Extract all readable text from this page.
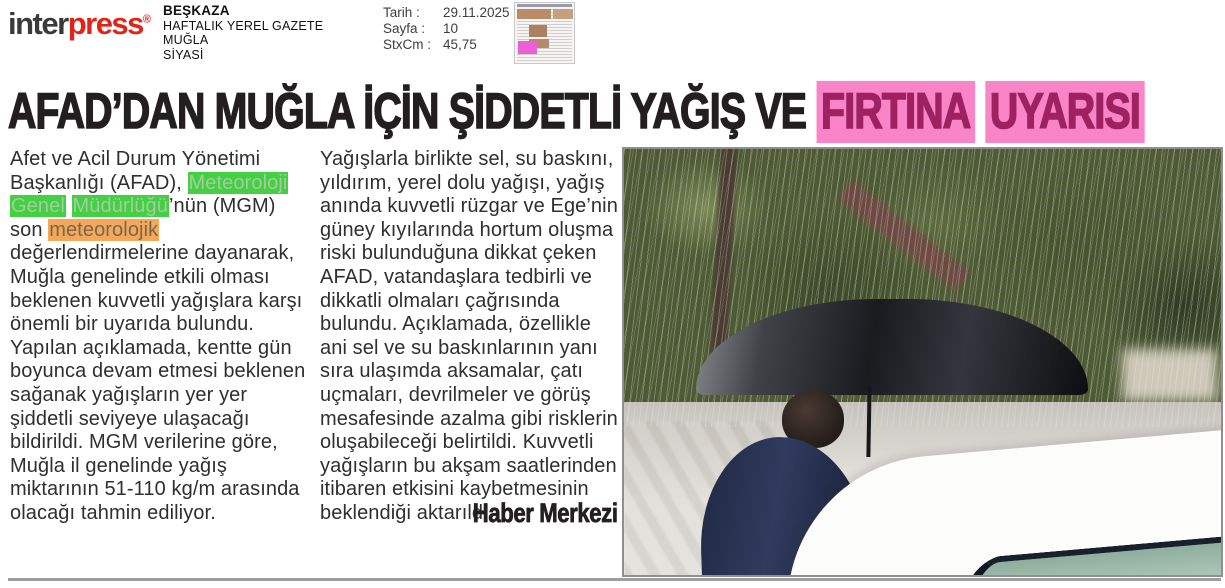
interpress®
BEŞKAZA
HAFTALIK YEREL GAZETE
MUĞLA
SİYASİ
Tarih :	29.11.2025
Sayfa :	10
StxCm : 45,75
AFAD’DAN MUĞLA İÇİN ŞİDDETLİ YAĞIŞ VE FIRTINA UYARISI
Afet ve Acil Durum Yönetimi Başkanlığı (AFAD), Meteoroloji Genel Müdürlüğü’nün (MGM) son meteorolojik değerlendirmelerine dayanarak, Muğla genelinde etkili olması beklenen kuvvetli yağışlara karşı önemli bir uyarıda bulundu.
Yapılan açıklamada, kentte gün boyunca devam etmesi beklenen sağanak yağışların yer yer şiddetli seviyeye ulaşacağı bildirildi. MGM verilerine göre, Muğla il genelinde yağış miktarının 51-110 kg/m arasında olacağı tahmin ediliyor.
Yağışlarla birlikte sel, su baskını, yıldırım, yerel dolu yağışı, yağış anında kuvvetli rüzgar ve Ege’nin güney kıyılarında hortum oluşma riski bulunduğuna dikkat çeken AFAD, vatandaşlara tedbirli ve dikkatli olmaları çağrısında bulundu. Açıklamada, özellikle ani sel ve su baskınlarının yanı sıra ulaşımda aksamalar, çatı uçmaları, devrilmeler ve görüş mesafesinde azalma gibi risklerin oluşabileceği belirtildi. Kuvvetli yağışların bu akşam saatlerinden itibaren etkisini kaybetmesinin beklendiği aktarıldı.
Haber Merkezi
